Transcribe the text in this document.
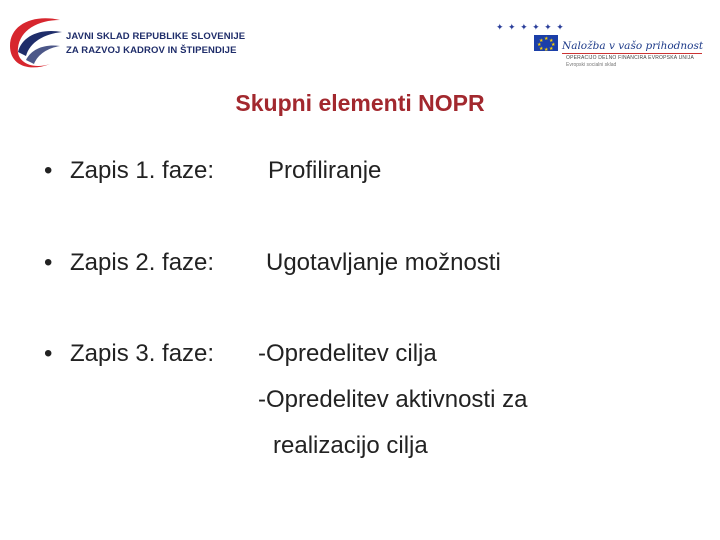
JAVNI SKLAD REPUBLIKE SLOVENIJE
ZA RAZVOJ KADROV IN ŠTIPENDIJE
✦ ✦ ✦ ✦ ✦ ✦
★ ★
★
★
★
★
★
★ Naložba v vašo prihodnost
OPERACIJO DELNO FINANCIRA EVROPSKA UNIJA
Evropski socialni sklad
Skupni elementi NOPR
• Zapis 1. faze: Profiliranje
• Zapis 2. faze: Ugotavljanje možnosti
• Zapis 3. faze: -Opredelitev cilja
-Opredelitev aktivnosti za
realizacijo cilja
